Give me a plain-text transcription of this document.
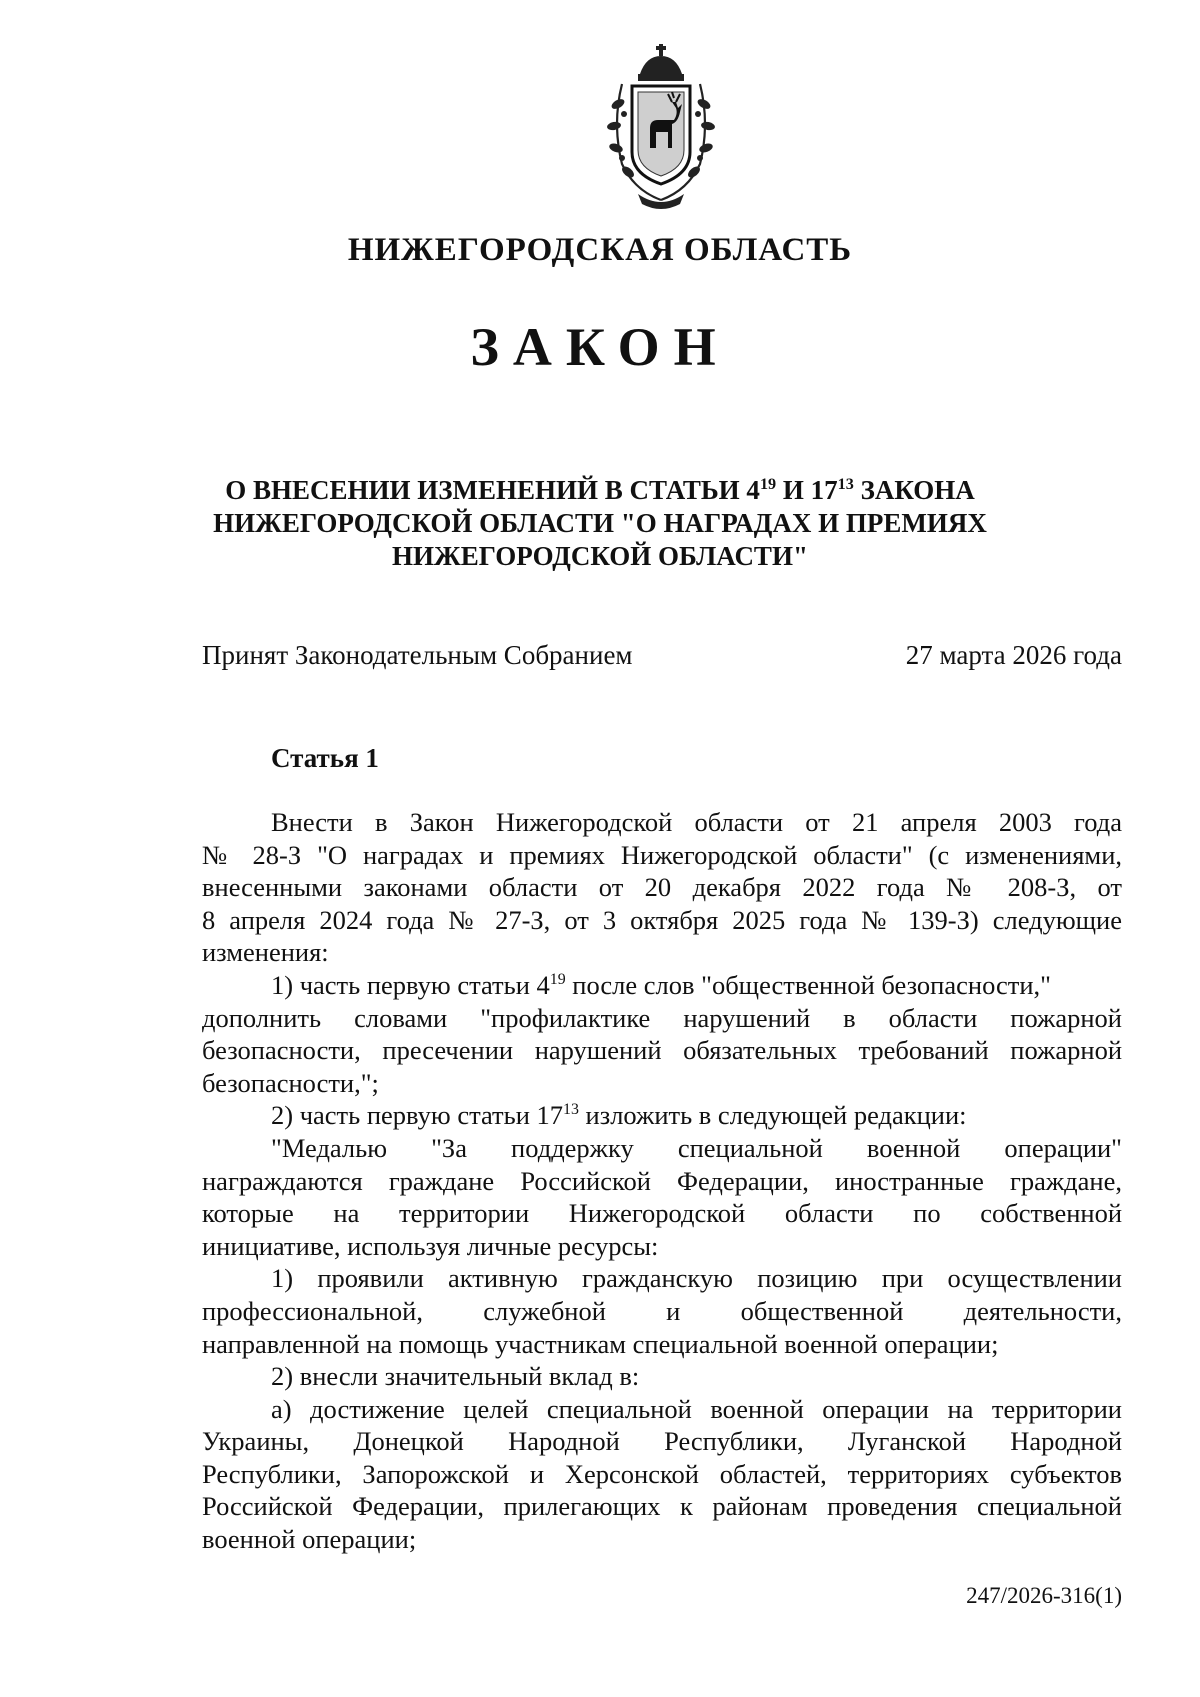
НИЖЕГОРОДСКАЯ ОБЛАСТЬ
ЗАКОН
О ВНЕСЕНИИ ИЗМЕНЕНИЙ В СТАТЬИ $4^{19}$ И $17^{13}$ ЗАКОНА
НИЖЕГОРОДСКОЙ ОБЛАСТИ "О НАГРАДАХ И ПРЕМИЯХ
НИЖЕГОРОДСКОЙ ОБЛАСТИ"
Принят Законодательным Собранием	27 марта 2026 года
Статья 1
Внести в Закон Нижегородской области от 21 апреля 2003 года
№ 28-З "О наградах и премиях Нижегородской области" (с изменениями,
внесенными законами области от 20 декабря 2022 года № 208-З, от
8 апреля 2024 года № 27-З, от 3 октября 2025 года № 139-З) следующие
изменения:
1) часть первую статьи $4^{19}$ после слов "общественной безопасности,"
дополнить словами "профилактике нарушений в области пожарной
безопасности, пресечении нарушений обязательных требований пожарной
безопасности,";
2) часть первую статьи $17^{13}$ изложить в следующей редакции:
"Медалью "За поддержку специальной военной операции"
награждаются граждане Российской Федерации, иностранные граждане,
которые на территории Нижегородской области по собственной
инициативе, используя личные ресурсы:
1) проявили активную гражданскую позицию при осуществлении
профессиональной, служебной и общественной деятельности,
направленной на помощь участникам специальной военной операции;
2) внесли значительный вклад в:
а) достижение целей специальной военной операции на территории
Украины, Донецкой Народной Республики, Луганской Народной
Республики, Запорожской и Херсонской областей, территориях субъектов
Российской Федерации, прилегающих к районам проведения специальной
военной операции;
247/2026-316(1)
